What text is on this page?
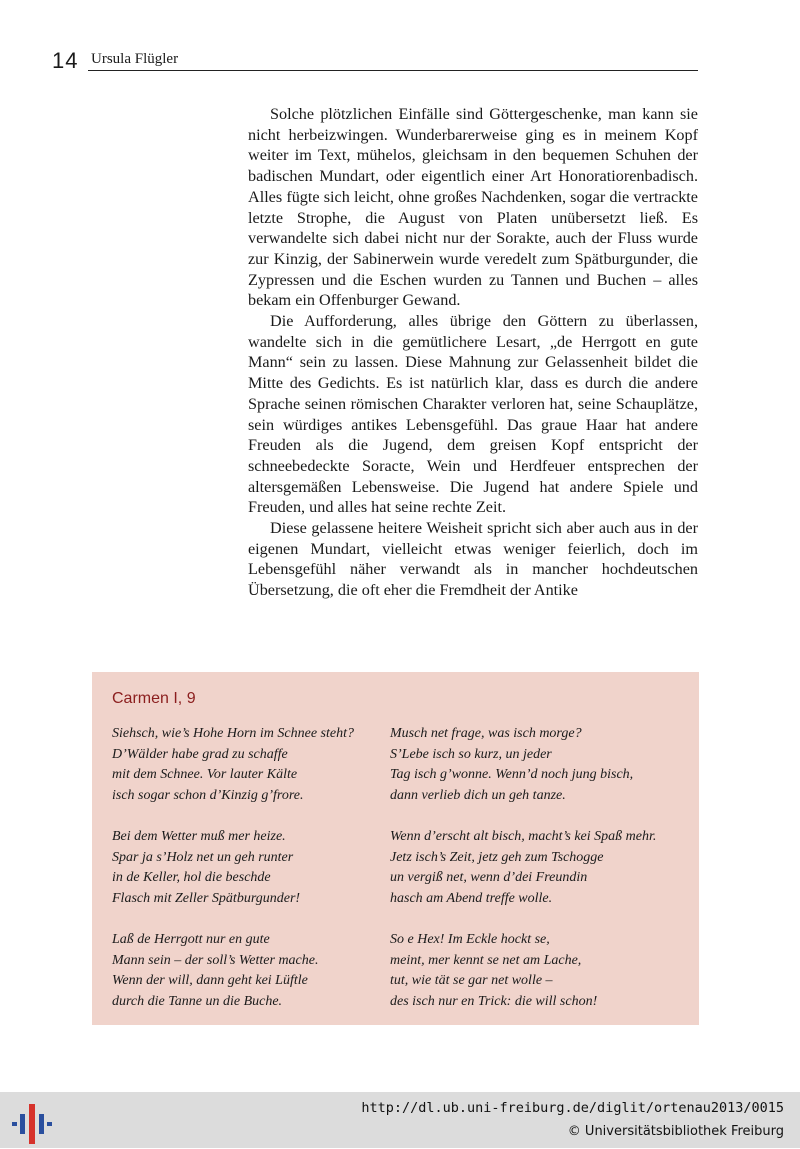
14 Ursula Flügler

Solche plötzlichen Einfälle sind Göttergeschenke, man kann sie nicht herbeizwingen. Wunderbarerweise ging es in meinem Kopf weiter im Text, mühelos, gleichsam in den bequemen Schuhen der badischen Mundart, oder eigentlich einer Art Honoratiorenbadisch. Alles fügte sich leicht, ohne großes Nachdenken, sogar die vertrackte letzte Strophe, die August von Platen unübersetzt ließ. Es verwandelte sich dabei nicht nur der Soraktе, auch der Fluss wurde zur Kinzig, der Sabinerwein wurde veredelt zum Spätburgunder, die Zypressen und die Eschen wurden zu Tannen und Buchen – alles bekam ein Offenburger Gewand.

Die Aufforderung, alles übrige den Göttern zu überlassen, wandelte sich in die gemütlichere Lesart, „de Herrgott en gute Mann“ sein zu lassen. Diese Mahnung zur Gelassenheit bildet die Mitte des Gedichts. Es ist natürlich klar, dass es durch die andere Sprache seinen römischen Charakter verloren hat, seine Schauplätze, sein würdiges antikes Lebensgefühl. Das graue Haar hat andere Freuden als die Jugend, dem greisen Kopf entspricht der schneebedeckte Soracte, Wein und Herdfeuer entsprechen der altersgemäßen Lebensweise. Die Jugend hat andere Spiele und Freuden, und alles hat seine rechte Zeit.

Diese gelassene heitere Weisheit spricht sich aber auch aus in der eigenen Mundart, vielleicht etwas weniger feierlich, doch im Lebensgefühl näher verwandt als in mancher hochdeutschen Übersetzung, die oft eher die Fremdheit der Antike

Carmen I, 9
Siehsch, wie’s Hohe Horn im Schnee steht?
D’Wälder habe grad zu schaffe
mit dem Schnee. Vor lauter Kälte
isch sogar schon d’Kinzig g’frore.
Bei dem Wetter muß mer heize.
Spar ja s’Holz net un geh runter
in de Keller, hol die beschde
Flasch mit Zeller Spätburgunder!
Laß de Herrgott nur en gute
Mann sein – der soll’s Wetter mache.
Wenn der will, dann geht kei Lüftle
durch die Tanne un die Buche.
Musch net frage, was isch morge?
S’Lebe isch so kurz, un jeder
Tag isch g’wonne. Wenn’d noch jung bisch,
dann verlieb dich un geh tanze.
Wenn d’erscht alt bisch, macht’s kei Spaß mehr.
Jetz isch’s Zeit, jetz geh zum Tschogge
un vergiß net, wenn d’dei Freundin
hasch am Abend treffe wolle.
So e Hex! Im Eckle hockt se,
meint, mer kennt se net am Lache,
tut, wie tät se gar net wolle –
des isch nur en Trick: die will schon!
http://dl.ub.uni-freiburg.de/diglit/ortenau2013/0015
© Universitätsbibliothek Freiburg
